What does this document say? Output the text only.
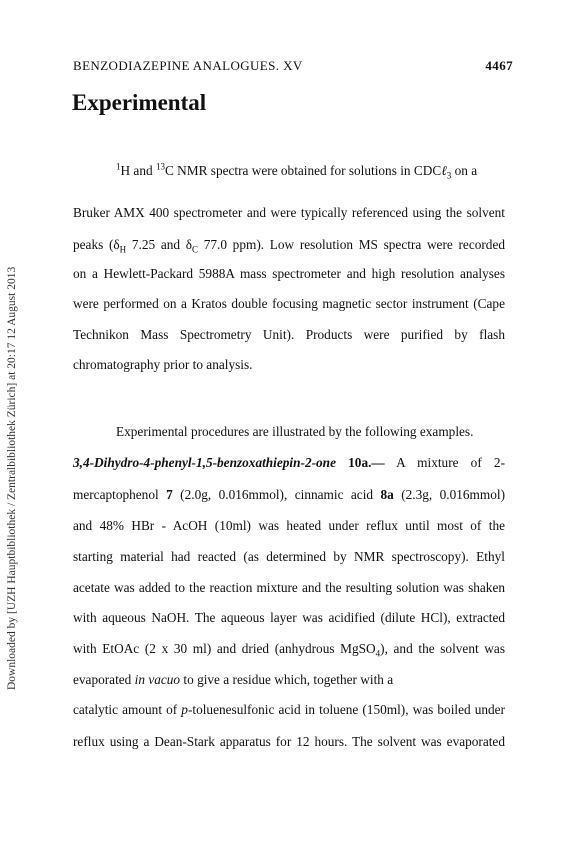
BENZODIAZEPINE ANALOGUES. XV	4467
Experimental
Downloaded by [UZH Hauptbibliothek / Zentralbibliothek Zürich] at 20:17 12 August 2013
$^1$H and $^{13}$C NMR spectra were obtained for solutions in CDCℓ$_3$ on a
Bruker AMX 400 spectrometer and were typically referenced using the solvent
peaks ($\delta_H$ 7.25 and $\delta_C$ 77.0 ppm). Low resolution MS spectra were recorded
on a Hewlett-Packard 5988A mass spectrometer and high resolution analyses
were performed on a Kratos double focusing magnetic sector instrument (Cape
Technikon Mass Spectrometry Unit). Products were purified by flash
chromatography prior to analysis.
Experimental procedures are illustrated by the following examples.
3,4-Dihydro-4-phenyl-1,5-benzoxathiepin-2-one 10a.— A mixture of 2-
mercaptophenol 7 (2.0g, 0.016mmol), cinnamic acid 8a (2.3g, 0.016mmol)
and 48% HBr - AcOH (10ml) was heated under reflux until most of the
starting material had reacted (as determined by NMR spectroscopy). Ethyl
acetate was added to the reaction mixture and the resulting solution was shaken
with aqueous NaOH. The aqueous layer was acidified (dilute HCl), extracted
with EtOAc (2 x 30 ml) and dried (anhydrous MgSO$_4$), and the solvent was
evaporated in vacuo to give a residue which, together with a
catalytic amount of p-toluenesulfonic acid in toluene (150ml), was boiled under
reflux using a Dean-Stark apparatus for 12 hours. The solvent was evaporated
